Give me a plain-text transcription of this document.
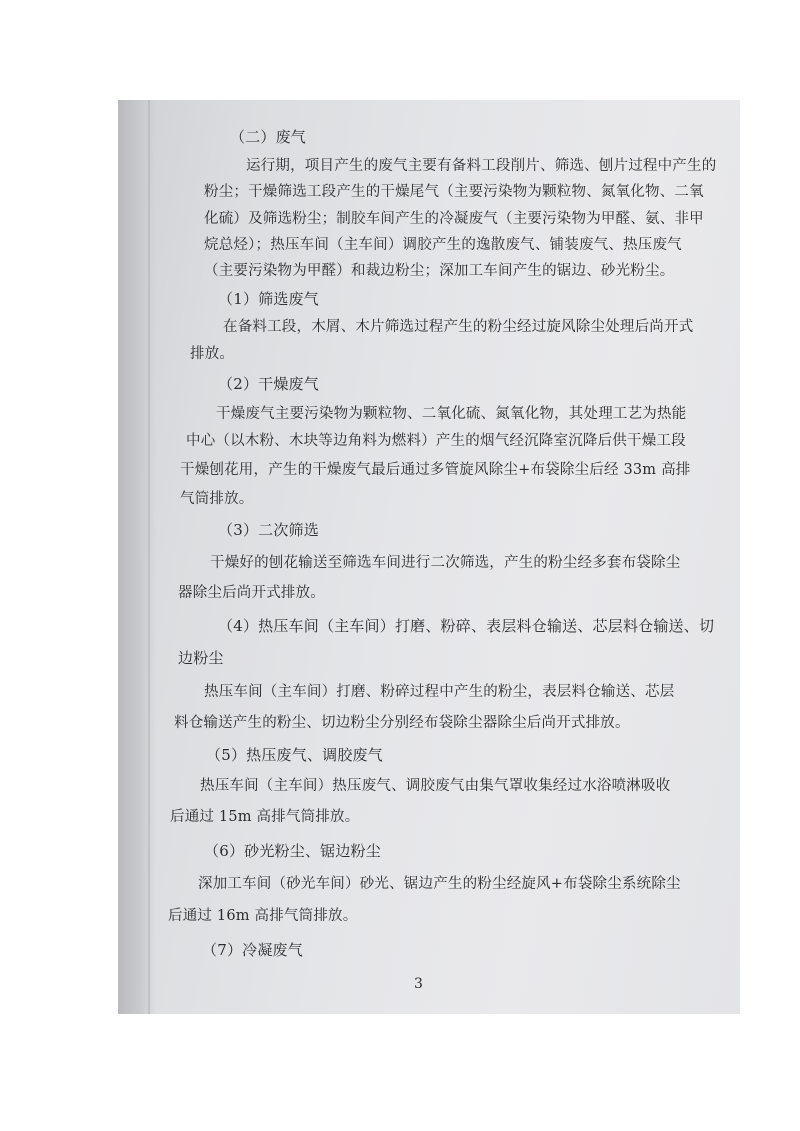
（二）废气
运行期，项目产生的废气主要有备料工段削片、筛选、刨片过程中产生的
粉尘；干燥筛选工段产生的干燥尾气（主要污染物为颗粒物、氮氧化物、二氧
化硫）及筛选粉尘；制胶车间产生的冷凝废气（主要污染物为甲醛、氨、非甲
烷总烃）；热压车间（主车间）调胶产生的逸散废气、铺装废气、热压废气
（主要污染物为甲醛）和裁边粉尘；深加工车间产生的锯边、砂光粉尘。
（1）筛选废气
在备料工段，木屑、木片筛选过程产生的粉尘经过旋风除尘处理后尚开式
排放。
（2）干燥废气
干燥废气主要污染物为颗粒物、二氧化硫、氮氧化物，其处理工艺为热能
中心（以木粉、木块等边角料为燃料）产生的烟气经沉降室沉降后供干燥工段
干燥刨花用，产生的干燥废气最后通过多管旋风除尘+布袋除尘后经 33m 高排
气筒排放。
（3）二次筛选
干燥好的刨花输送至筛选车间进行二次筛选，产生的粉尘经多套布袋除尘
器除尘后尚开式排放。
（4）热压车间（主车间）打磨、粉碎、表层料仓输送、芯层料仓输送、切
边粉尘
热压车间（主车间）打磨、粉碎过程中产生的粉尘，表层料仓输送、芯层
料仓输送产生的粉尘、切边粉尘分别经布袋除尘器除尘后尚开式排放。
（5）热压废气、调胶废气
热压车间（主车间）热压废气、调胶废气由集气罩收集经过水浴喷淋吸收
后通过 15m 高排气筒排放。
（6）砂光粉尘、锯边粉尘
深加工车间（砂光车间）砂光、锯边产生的粉尘经旋风+布袋除尘系统除尘
后通过 16m 高排气筒排放。
（7）冷凝废气
3
